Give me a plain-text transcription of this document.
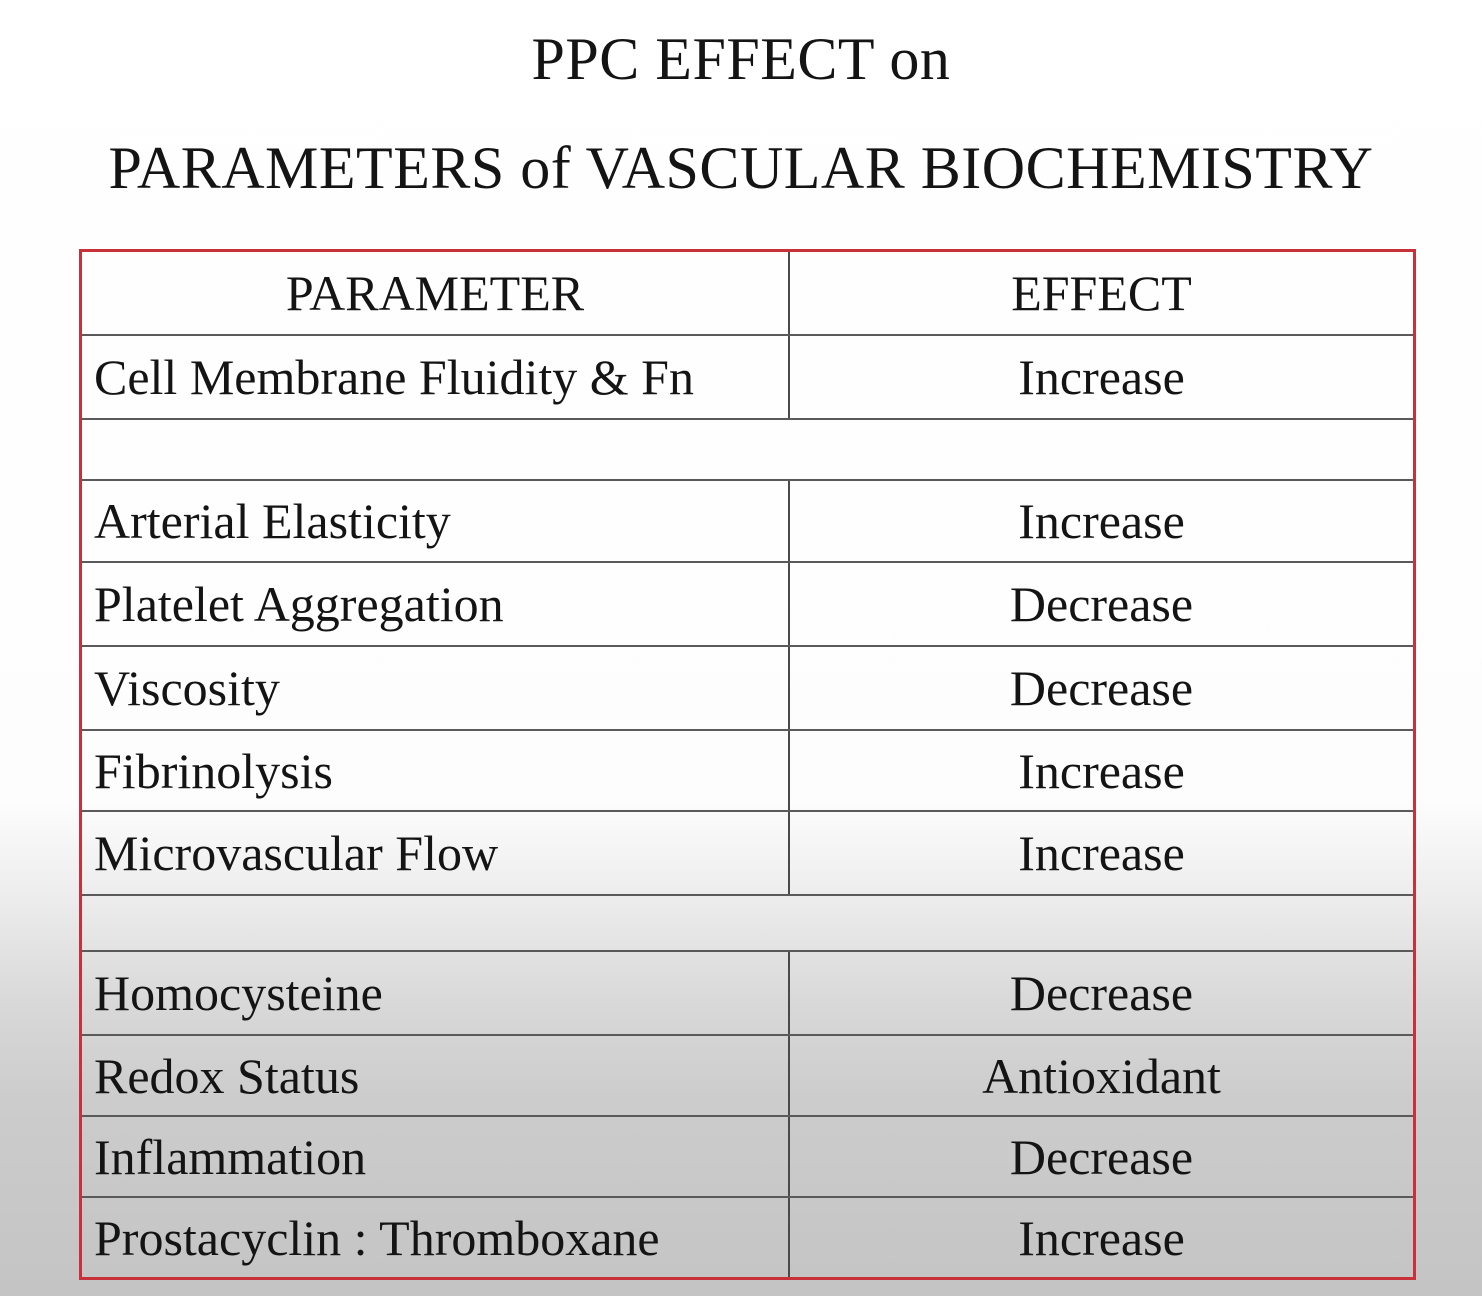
PPC EFFECT on
PARAMETERS of VASCULAR BIOCHEMISTRY
PARAMETER	EFFECT
Cell Membrane Fluidity & Fn	Increase
Arterial Elasticity	Increase
Platelet Aggregation	Decrease
Viscosity	Decrease
Fibrinolysis	Increase
Microvascular Flow	Increase
Homocysteine	Decrease
Redox Status	Antioxidant
Inflammation	Decrease
Prostacyclin : Thromboxane	Increase
